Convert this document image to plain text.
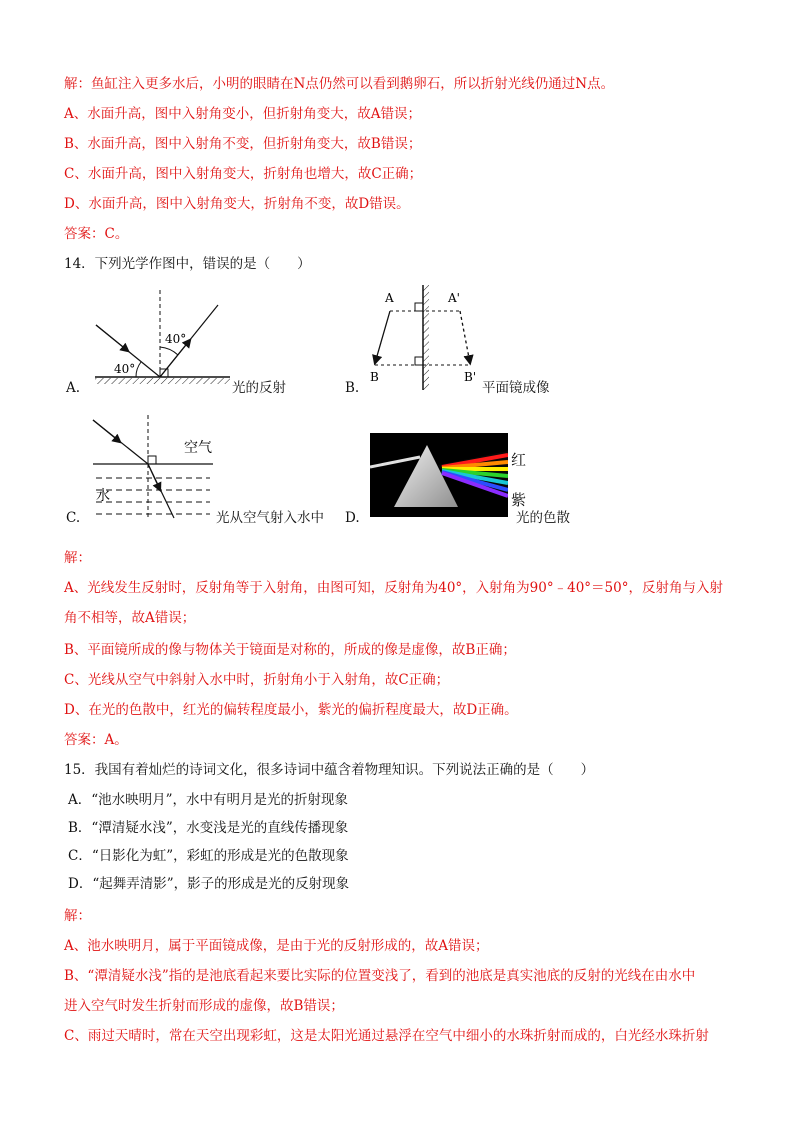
解：鱼缸注入更多水后，小明的眼睛在N点仍然可以看到鹅卵石，所以折射光线仍通过N点。
A、水面升高，图中入射角变小，但折射角变大，故A错误；
B、水面升高，图中入射角不变，但折射角变大，故B错误；
C、水面升高，图中入射角变大，折射角也增大，故C正确；
D、水面升高，图中入射角变大，折射角不变，故D错误。
答案：C。
14．下列光学作图中，错误的是（　　）
A.
40°
40°
光的反射	B.
A	A'
B	B'
平面镜成像
C.
空气
水
光从空气射入水中 D.
红
紫
光的色散
解：
A、光线发生反射时，反射角等于入射角，由图可知，反射角为40°，入射角为90°﹣40°＝50°，反射角与入射
角不相等，故A错误；
B、平面镜所成的像与物体关于镜面是对称的，所成的像是虚像，故B正确；
C、光线从空气中斜射入水中时，折射角小于入射角，故C正确；
D、在光的色散中，红光的偏转程度最小，紫光的偏折程度最大，故D正确。
答案：A。
15．我国有着灿烂的诗词文化，很多诗词中蕴含着物理知识。下列说法正确的是（　　）
A．“池水映明月”，水中有明月是光的折射现象
B．“潭清疑水浅”，水变浅是光的直线传播现象
C．“日影化为虹”，彩虹的形成是光的色散现象
D．“起舞弄清影”，影子的形成是光的反射现象
解：
A、池水映明月，属于平面镜成像，是由于光的反射形成的，故A错误；
B、“潭清疑水浅”指的是池底看起来要比实际的位置变浅了，看到的池底是真实池底的反射的光线在由水中
进入空气时发生折射而形成的虚像，故B错误；
C、雨过天晴时，常在天空出现彩虹，这是太阳光通过悬浮在空气中细小的水珠折射而成的，白光经水珠折射
